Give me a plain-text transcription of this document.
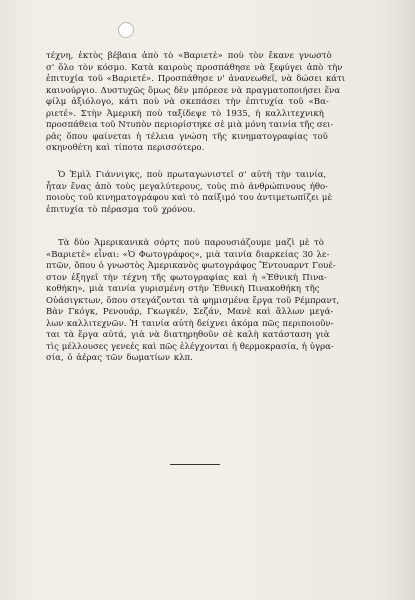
τέχνη, ἐκτὸς βέβαια ἀπὸ τὸ «Βαριετὲ» ποὺ τὸν ἔκανε γνωστὸ
σ' ὅλο τὸν κόσμο. Κατὰ καιροὺς προσπάθησε νὰ ξεφύγει ἀπὸ τὴν
ἐπιτυχία τοῦ «Βαριετέ». Προσπάθησε ν' ἀνανεωθεῖ, νὰ δώσει κάτι
καινούργιο. Δυστυχῶς ὅμως δὲν μπόρεσε νὰ πραγματοποιήσει ἕνα
φίλμ ἀξιόλογο, κάτι ποὺ νὰ σκεπάσει τὴν ἐπιτυχία τοῦ «Βα-
ριετέ». Στὴν Ἀμερικὴ ποὺ ταξίδεψε τὸ 1935, ἡ καλλιτεχνικὴ
προσπάθεια τοῦ Ντυπὸν περιορίστηκε σὲ μιὰ μόνη ταινία τῆς σει-
ρᾶς ὅπου φαίνεται ἡ τέλεια γνώση τῆς κινηματογραφίας τοῦ
σκηνοθέτη καὶ τίποτα περισσότερο.
Ὁ Ἐμὶλ Γιάννιγκς, ποὺ πρωταγωνιστεῖ σ' αὐτὴ τὴν ταινία,
ἦταν ἕνας ἀπὸ τοὺς μεγαλύτερους, τοὺς πιὸ ἀνθρώπινους ἠθο-
ποιοὺς τοῦ κινηματογράφου καὶ τὸ παίξιμό του ἀντιμετωπίζει μὲ
ἐπιτυχία τὸ πέρασμα τοῦ χρόνου.
Τὰ δύο Ἀμερικανικὰ σόρτς ποὺ παρουσιάζουμε μαζὶ μὲ τὸ
«Βαριετὲ» εἶναι: «Ὁ Φωτογράφος», μιὰ ταινία διαρκείας 30 λε-
πτῶν, ὅπου ὁ γνωστὸς Ἀμερικανὸς φωτογράφος Ἔντουαρντ Γουέ-
στον ἐξηγεῖ τὴν τέχνη τῆς φωτογραφίας καὶ ἡ «Ἐθνικὴ Πινα-
κοθήκη», μιὰ ταινία γυρισμένη στὴν Ἐθνικὴ Πινακοθήκη τῆς
Οὐάσιγκτων, ὅπου στεγάζονται τὰ φημισμένα ἔργα τοῦ Ρέμπραντ,
Βὰν Γκόγκ, Ρενουάρ, Γκωγκέν, Σεζάν, Μανὲ καὶ ἄλλων μεγά-
λων καλλιτεχνῶν. Ἡ ταινία αὐτὴ δείχνει ἀκόμα πῶς περιποιοῦν-
ται τὰ ἔργα αὐτά, γιὰ νὰ διατηρηθοῦν σὲ καλὴ κατάσταση γιὰ
τὶς μέλλουσες γενεές καὶ πῶς ἐλέγχονται ἡ θερμοκρασία, ἡ ὑγρα-
σία, ὁ ἀέρας τῶν δωματίων κλπ.
